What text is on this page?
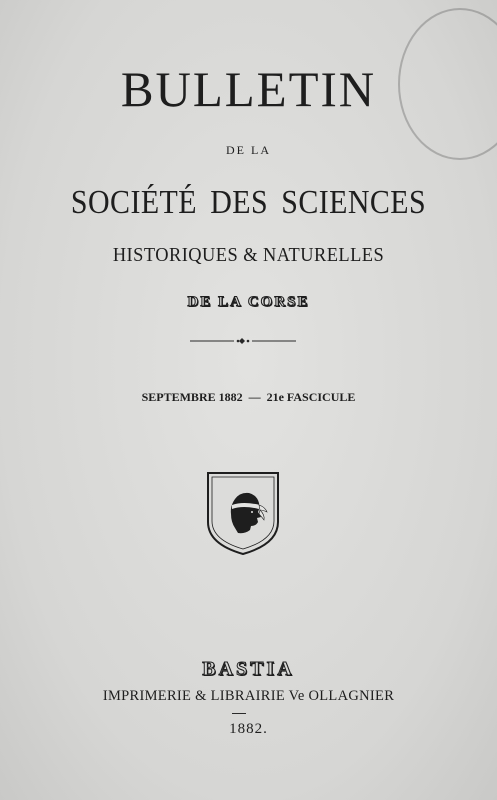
BULLETIN
DE LA
SOCIÉTÉ DES SCIENCES
HISTORIQUES & NATURELLES
DE LA CORSE
SEPTEMBRE 1882 — 21e FASCICULE
BASTIA
IMPRIMERIE & LIBRAIRIE Ve OLLAGNIER
1882.
